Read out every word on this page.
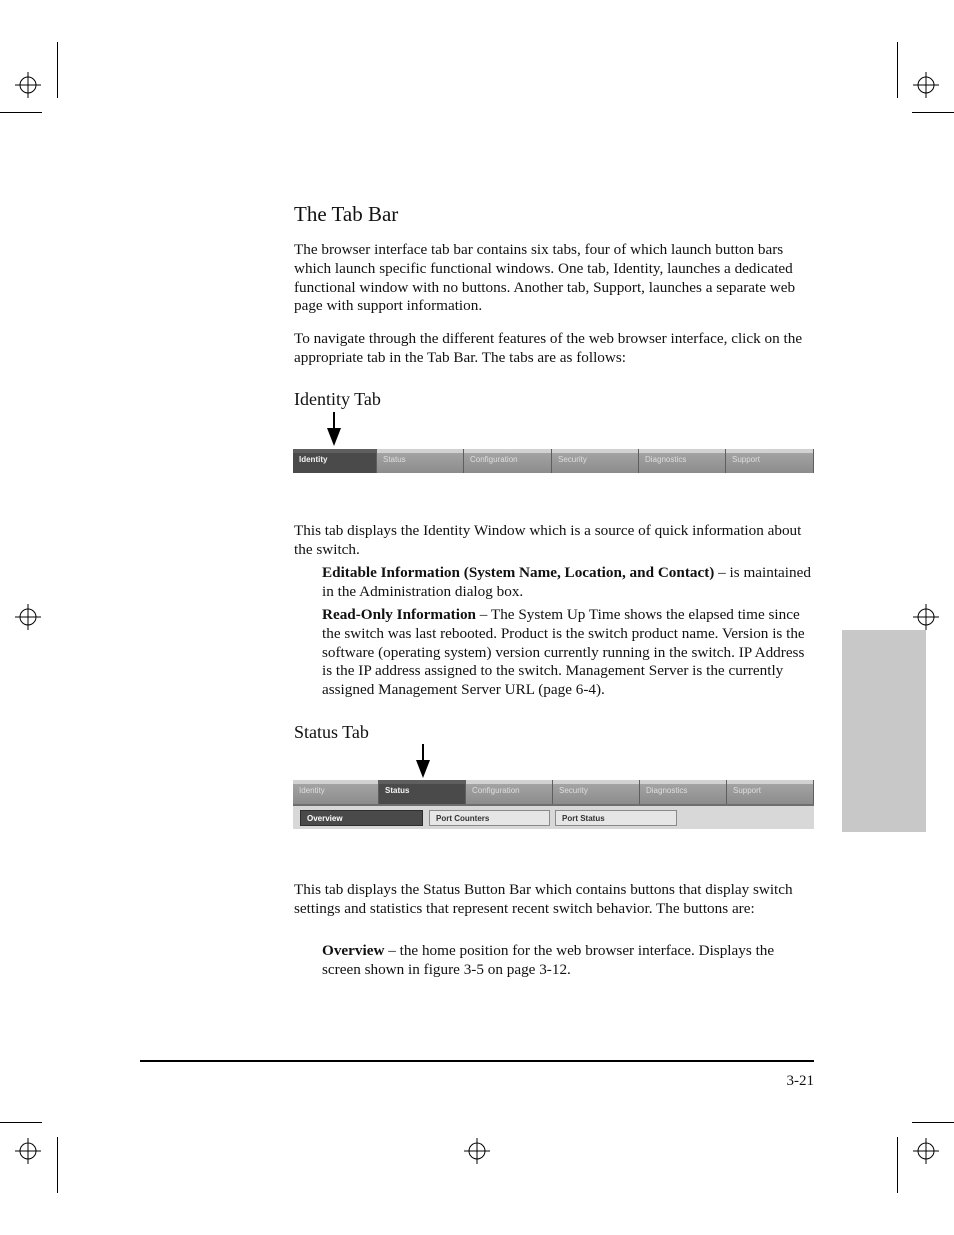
The Tab Bar
The browser interface tab bar contains six tabs, four of which launch button bars which launch specific functional windows. One tab, Identity, launches a dedicated functional window with no buttons. Another tab, Support, launches a separate web page with support information.
To navigate through the different features of the web browser interface, click on the appropriate tab in the Tab Bar. The tabs are as follows:
Identity Tab
Identity	Status	Configuration	Security	Diagnostics	Support
This tab displays the Identity Window which is a source of quick information about the switch.
Editable Information (System Name, Location, and Contact) – is maintained in the Administration dialog box.
Read-Only Information – The System Up Time shows the elapsed time since the switch was last rebooted. Product is the switch product name. Version is the software (operating system) version currently running in the switch. IP Address is the IP address assigned to the switch. Management Server is the currently assigned Management Server URL (page 6-4).
Status Tab
Identity	Status	Configuration	Security	Diagnostics	Support
Overview	Port Counters	Port Status
This tab displays the Status Button Bar which contains buttons that display switch settings and statistics that represent recent switch behavior. The buttons are:
Overview – the home position for the web browser interface. Displays the screen shown in figure 3-5 on page 3-12.
3-21
